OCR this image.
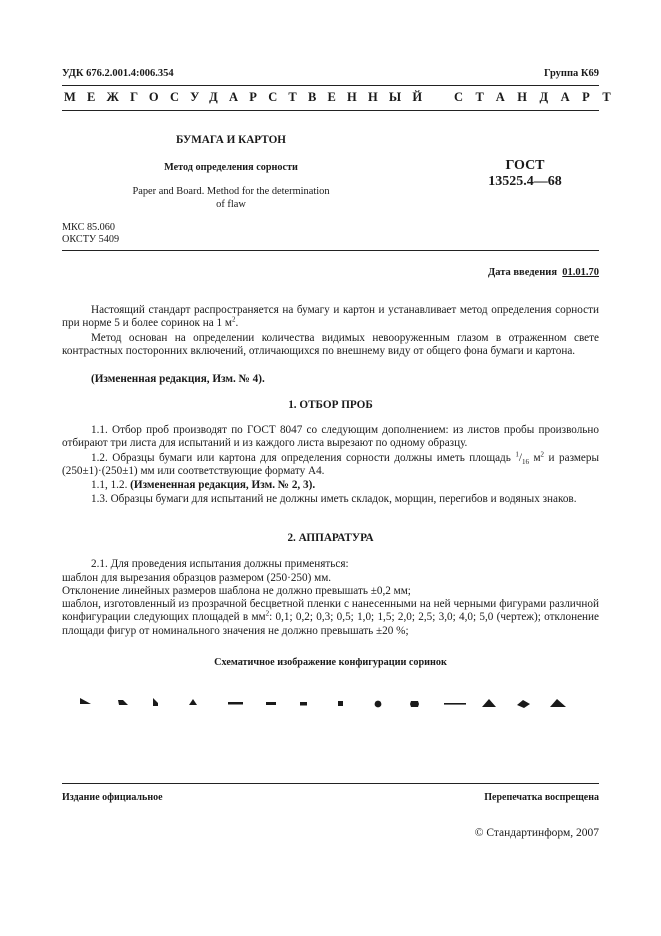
УДК 676.2.001.4:006.354	Группа К69
МЕЖГОСУДАРСТВЕННЫЙ СТАНДАРТ
БУМАГА И КАРТОН
Метод определения сорности
Paper and Board. Method for the determination
of flaw
ГОСТ
13525.4—68
МКС 85.060
ОКСТУ 5409
Дата введения 01.01.70
Настоящий стандарт распространяется на бумагу и картон и устанавливает метод определения сорности при норме 5 и более соринок на 1 $м^2$.
Метод основан на определении количества видимых невооруженным глазом в отраженном свете контрастных посторонних включений, отличающихся по внешнему виду от общего фона бумаги и картона.
(Измененная редакция, Изм. № 4).
1. ОТБОР ПРОБ
1.1. Отбор проб производят по ГОСТ 8047 со следующим дополнением: из листов пробы произвольно отбирают три листа для испытаний и из каждого листа вырезают по одному образцу.
1.2. Образцы бумаги или картона для определения сорности должны иметь площадь $^1/_{16}$ $м^2$ и размеры (250±1)·(250±1) мм или соответствующие формату А4.
1.1, 1.2. (Измененная редакция, Изм. № 2, 3).
1.3. Образцы бумаги для испытаний не должны иметь складок, морщин, перегибов и водяных знаков.
2. АППАРАТУРА
2.1. Для проведения испытания должны применяться:
шаблон для вырезания образцов размером (250·250) мм.
Отклонение линейных размеров шаблона не должно превышать ±0,2 мм;
шаблон, изготовленный из прозрачной бесцветной пленки с нанесенными на ней черными фигурами различной конфигурации следующих площадей в $мм^2$: 0,1; 0,2; 0,3; 0,5; 1,0; 1,5; 2,0; 2,5; 3,0; 4,0; 5,0 (чертеж); отклонение площади фигур от номинального значения не должно превышать ±20 %;
Схематичное изображение конфигурации соринок
Издание официальное	Перепечатка воспрещена
© Стандартинформ, 2007
